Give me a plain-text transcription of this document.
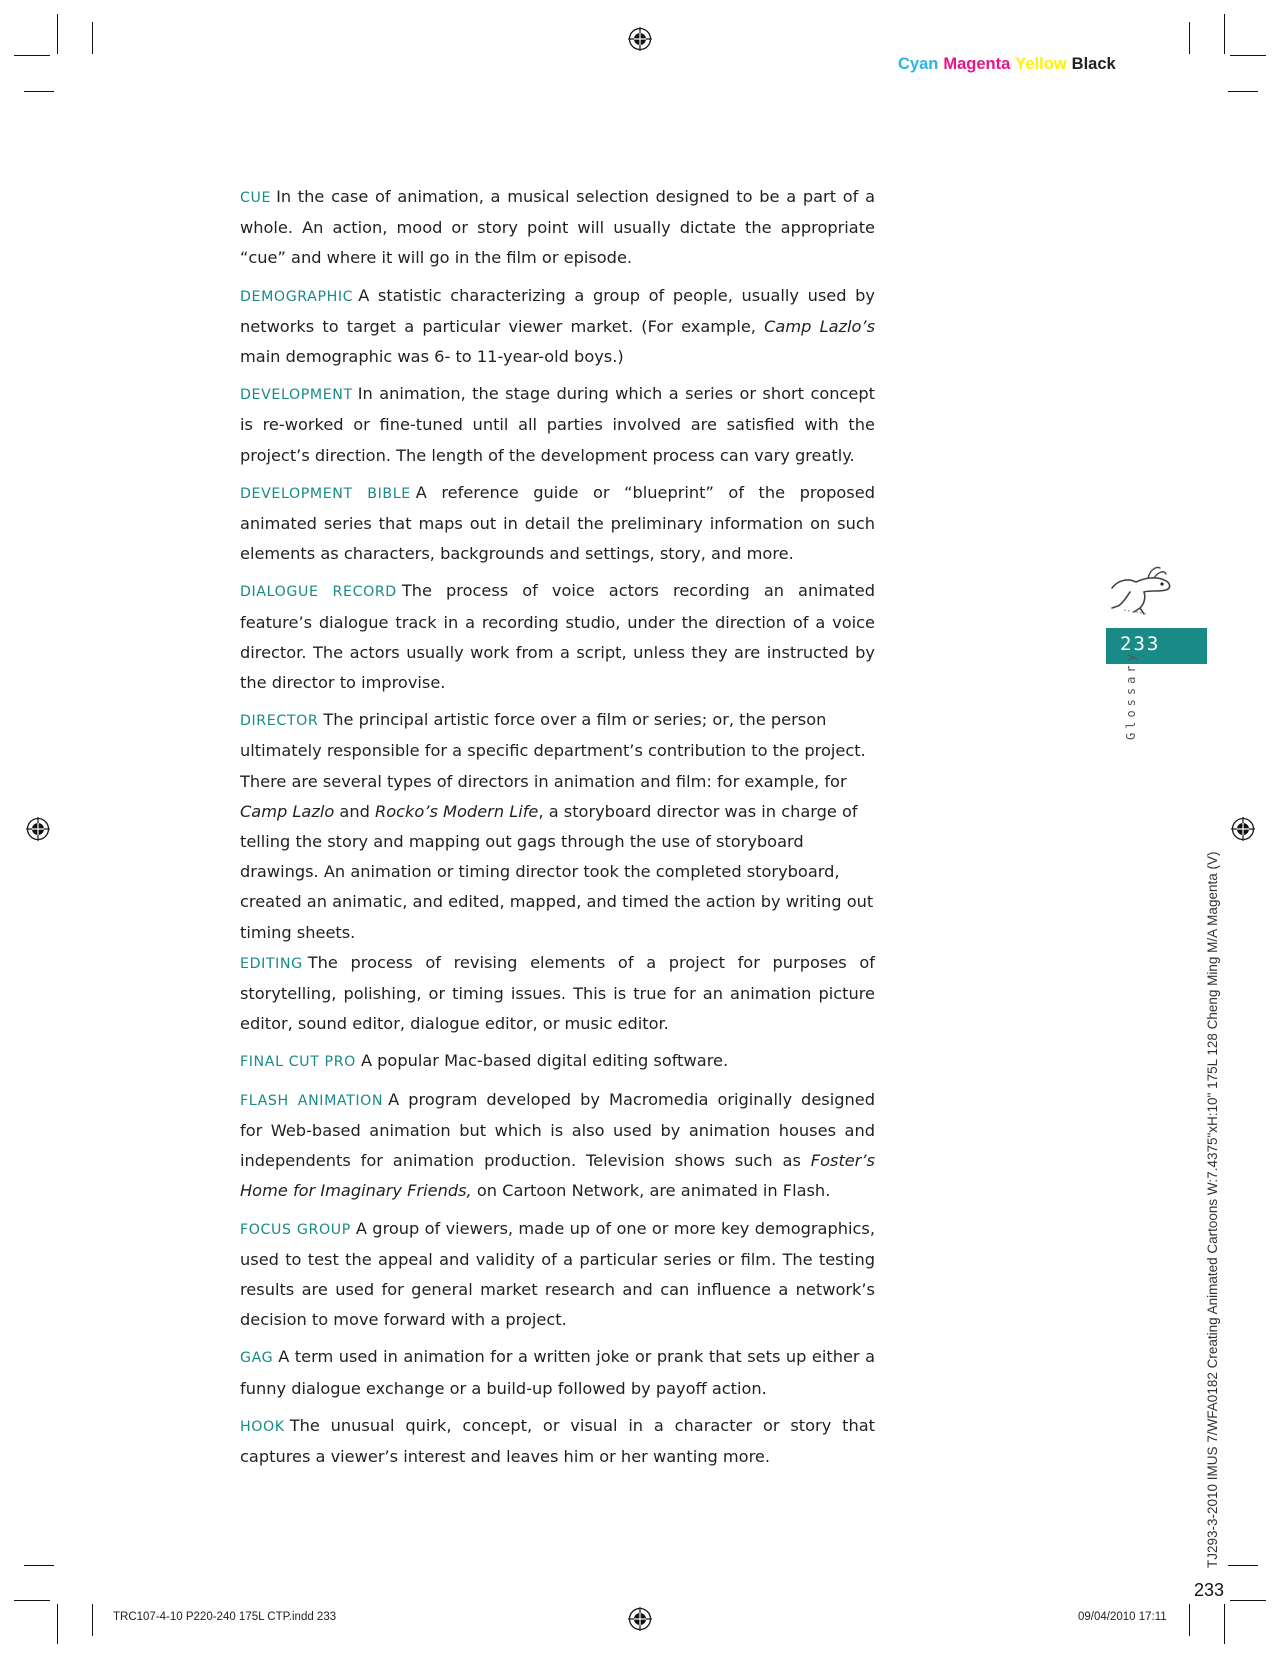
Cyan Magenta Yellow Black

CUE In the case of animation, a musical selection designed to be a part of a whole. An action, mood or story point will usually dictate the appropriate “cue” and where it will go in the film or episode.

DEMOGRAPHIC A statistic characterizing a group of people, usually used by networks to target a particular viewer market. (For example, Camp Lazlo’s main demographic was 6- to 11-year-old boys.)

DEVELOPMENT In animation, the stage during which a series or short concept is re-worked or fine-tuned until all parties involved are satisfied with the project’s direction. The length of the development process can vary greatly.

DEVELOPMENT BIBLE A reference guide or “blueprint” of the proposed animated series that maps out in detail the preliminary information on such elements as characters, backgrounds and settings, story, and more.

DIALOGUE RECORD The process of voice actors recording an animated feature’s dialogue track in a recording studio, under the direction of a voice director. The actors usually work from a script, unless they are instructed by the director to improvise.

DIRECTOR The principal artistic force over a film or series; or, the person ultimately responsible for a specific department’s contribution to the project. There are several types of directors in animation and film: for example, for Camp Lazlo and Rocko’s Modern Life, a storyboard director was in charge of telling the story and mapping out gags through the use of storyboard drawings. An animation or timing director took the completed storyboard, created an animatic, and edited, mapped, and timed the action by writing out timing sheets.

EDITING The process of revising elements of a project for purposes of storytelling, polishing, or timing issues. This is true for an animation picture editor, sound editor, dialogue editor, or music editor.

FINAL CUT PRO A popular Mac-based digital editing software.

FLASH ANIMATION A program developed by Macromedia originally designed for Web-based animation but which is also used by animation houses and independents for animation production. Television shows such as Foster’s Home for Imaginary Friends, on Cartoon Network, are animated in Flash.

FOCUS GROUP A group of viewers, made up of one or more key demographics, used to test the appeal and validity of a particular series or film. The testing results are used for general market research and can influence a network’s decision to move forward with a project.

GAG A term used in animation for a written joke or prank that sets up either a funny dialogue exchange or a build-up followed by payoff action.

HOOK The unusual quirk, concept, or visual in a character or story that captures a viewer’s interest and leaves him or her wanting more.

233
Glossary
TJ293-3-2010 IMUS 7/WFA0182 Creating Animated Cartoons W:7.4375"xH:10" 175L 128 Cheng Ming M/A Magenta (V)
233
TRC107-4-10 P220-240 175L CTP.indd 233	09/04/2010 17:11
